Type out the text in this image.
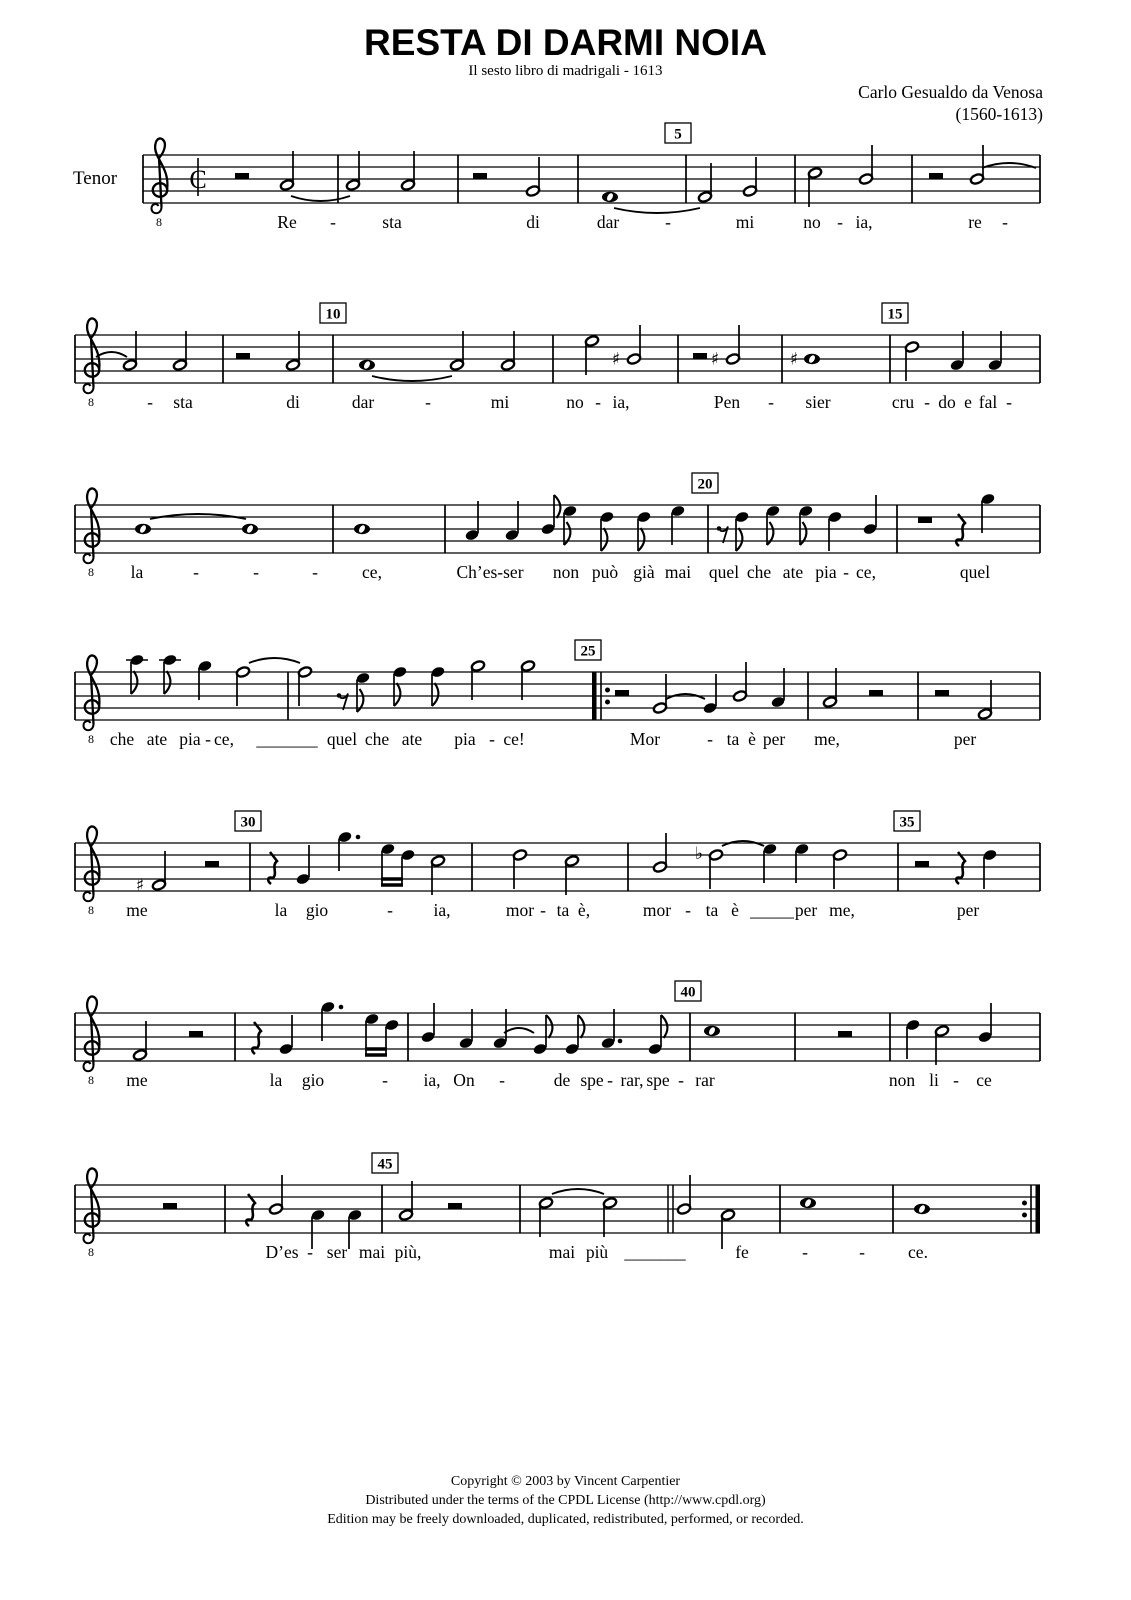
RESTA DI DARMI NOIA
Il sesto libro di madrigali - 1613
Carlo Gesualdo da Venosa
(1560-1613)
Tenor
5
8
C
Re -	sta	di	dar	-	mi	no - ia,	re -
10	15
8
♯	♯	♯
- sta	di	dar	-	mi	no - ia,	Pen - sier	cru - do e fal -
20
8 la	-	-	-	ce,	Ch’es-ser non può già mai quel che ate pia - ce,	quel
25
8 che ate pia - ce, _______ quel che ate pia - ce!	Mor	- ta è per me,	per
30	35
8
♯
♭
me	la gio	- ia,	mor - ta è,	mor - ta è _____ per me,	per
40
8 me	la gio	- ia, On -	de spe - rar, spe - rar	non li - ce
45
8	D’es - ser mai più,	mai più _______	fe	-	- ce.
Copyright © 2003 by Vincent Carpentier
Distributed under the terms of the CPDL License (http://www.cpdl.org)
Edition may be freely downloaded, duplicated, redistributed, performed, or recorded.
